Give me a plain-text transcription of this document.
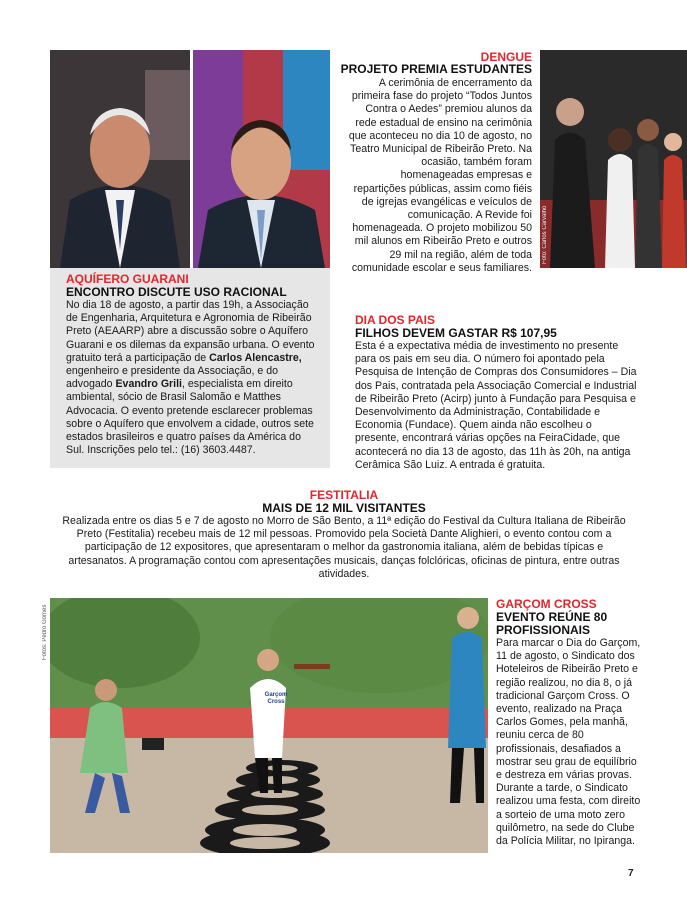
AQUÍFERO GUARANI
ENCONTRO DISCUTE USO RACIONAL
No dia 18 de agosto, a partir das 19h, a Associação de Engenharia, Arquitetura e Agronomia de Ribeirão Preto (AEAARP) abre a discussão sobre o Aquífero Guarani e os dilemas da expansão urbana. O evento gratuito terá a participação de Carlos Alencastre, engenheiro e presidente da Associação, e do advogado Evandro Grili, especialista em direito ambiental, sócio de Brasil Salomão e Matthes Advocacia. O evento pretende esclarecer problemas sobre o Aquífero que envolvem a cidade, outros sete estados brasileiros e quatro países da América do Sul. Inscrições pelo tel.: (16) 3603.4487.
DENGUE
PROJETO PREMIA ESTUDANTES
A cerimônia de encerramento da primeira fase do projeto “Todos Juntos Contra o Aedes” premiou alunos da rede estadual de ensino na cerimônia que aconteceu no dia 10 de agosto, no Teatro Municipal de Ribeirão Preto. Na ocasião, também foram homenageadas empresas e repartições públicas, assim como fiéis de igrejas evangélicas e veículos de comunicação. A Revide foi homenageada. O projeto mobilizou 50 mil alunos em Ribeirão Preto e outros 29 mil na região, além de toda comunidade escolar e seus familiares.
Foto: Carlos Carvalho
DIA DOS PAIS
FILHOS DEVEM GASTAR R$ 107,95
Esta é a expectativa média de investimento no presente para os pais em seu dia. O número foi apontado pela Pesquisa de Intenção de Compras dos Consumidores – Dia dos Pais, contratada pela Associação Comercial e Industrial de Ribeirão Preto (Acirp) junto à Fundação para Pesquisa e Desenvolvimento da Administração, Contabilidade e Economia (Fundace). Quem ainda não escolheu o presente, encontrará várias opções na FeiraCidade, que acontecerá no dia 13 de agosto, das 11h às 20h, na antiga Cerâmica São Luiz. A entrada é gratuita.
FESTITALIA
MAIS DE 12 MIL VISITANTES
Realizada entre os dias 5 e 7 de agosto no Morro de São Bento, a 11ª edição do Festival da Cultura Italiana de Ribeirão Preto (Festitalia) recebeu mais de 12 mil pessoas. Promovido pela Società Dante Alighieri, o evento contou com a participação de 12 expositores, que apresentaram o melhor da gastronomia italiana, além de bebidas típicas e artesanatos. A programação contou com apresentações musicais, danças folclóricas, oficinas de pintura, entre outras atividades.
Fotos: Pedro Gomes
Garçom Cross
GARÇOM CROSS
EVENTO REÚNE 80
PROFISSIONAIS
Para marcar o Dia do Garçom, 11 de agosto, o Sindicato dos Hoteleiros de Ribeirão Preto e região realizou, no dia 8, o já tradicional Garçom Cross. O evento, realizado na Praça Carlos Gomes, pela manhã, reuniu cerca de 80 profissionais, desafiados a mostrar seu grau de equilíbrio e destreza em várias provas. Durante a tarde, o Sindicato realizou uma festa, com direito a sorteio de uma moto zero quilômetro, na sede do Clube da Polícia Militar, no Ipiranga.
7
